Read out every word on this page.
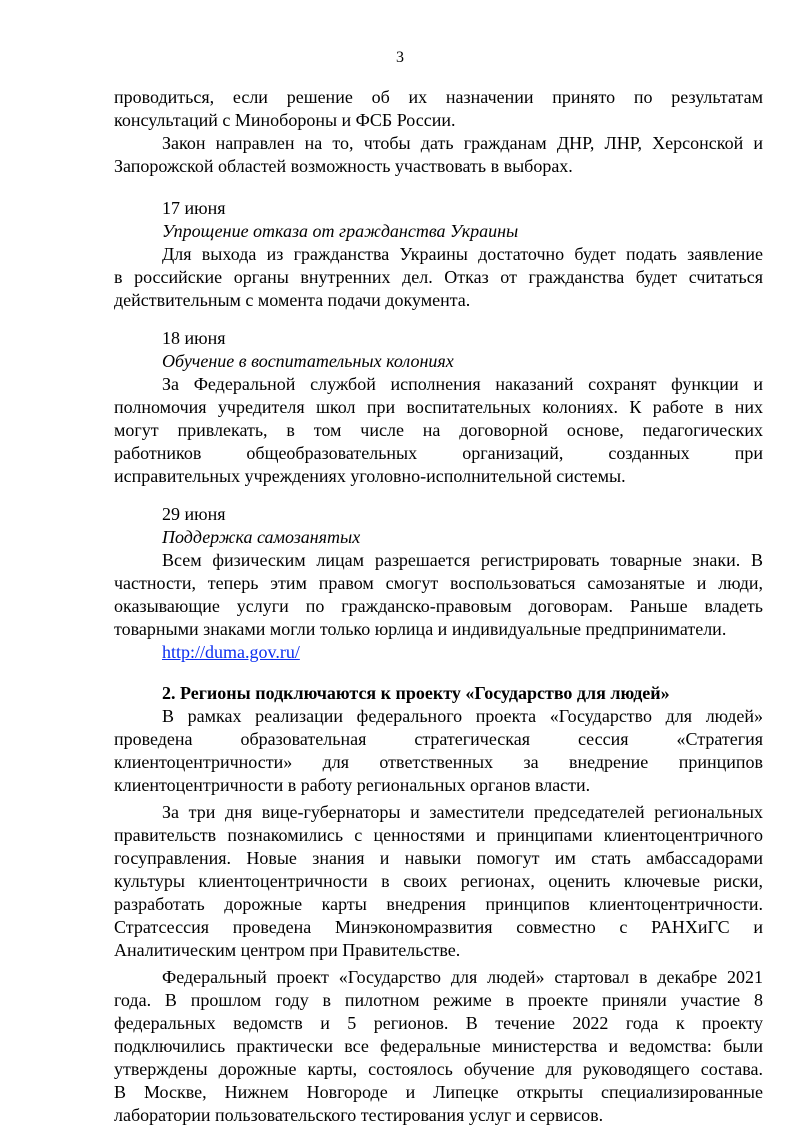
3
проводиться, если решение об их назначении принято по результатам
консультаций с Минобороны и ФСБ России.
Закон направлен на то, чтобы дать гражданам ДНР, ЛНР, Херсонской и
Запорожской областей возможность участвовать в выборах.
17 июня
Упрощение отказа от гражданства Украины
Для выхода из гражданства Украины достаточно будет подать заявление
в российские органы внутренних дел. Отказ от гражданства будет считаться
действительным с момента подачи документа.
18 июня
Обучение в воспитательных колониях
За Федеральной службой исполнения наказаний сохранят функции и
полномочия учредителя школ при воспитательных колониях. К работе в них
могут привлекать, в том числе на договорной основе, педагогических
работников общеобразовательных организаций, созданных при
исправительных учреждениях уголовно-исполнительной системы.
29 июня
Поддержка самозанятых
Всем физическим лицам разрешается регистрировать товарные знаки. В
частности, теперь этим правом смогут воспользоваться самозанятые и люди,
оказывающие услуги по гражданско-правовым договорам. Раньше владеть
товарными знаками могли только юрлица и индивидуальные предприниматели.
http://duma.gov.ru/
2. Регионы подключаются к проекту «Государство для людей»
В рамках реализации федерального проекта «Государство для людей»
проведена образовательная стратегическая сессия «Стратегия
клиентоцентричности» для ответственных за внедрение принципов
клиентоцентричности в работу региональных органов власти.
За три дня вице-губернаторы и заместители председателей региональных
правительств познакомились с ценностями и принципами клиентоцентричного
госуправления. Новые знания и навыки помогут им стать амбассадорами
культуры клиентоцентричности в своих регионах, оценить ключевые риски,
разработать дорожные карты внедрения принципов клиентоцентричности.
Стратсессия проведена Минэкономразвития совместно с РАНХиГС и
Аналитическим центром при Правительстве.
Федеральный проект «Государство для людей» стартовал в декабре 2021
года. В прошлом году в пилотном режиме в проекте приняли участие 8
федеральных ведомств и 5 регионов. В течение 2022 года к проекту
подключились практически все федеральные министерства и ведомства: были
утверждены дорожные карты, состоялось обучение для руководящего состава.
В Москве, Нижнем Новгороде и Липецке открыты специализированные
лаборатории пользовательского тестирования услуг и сервисов.
